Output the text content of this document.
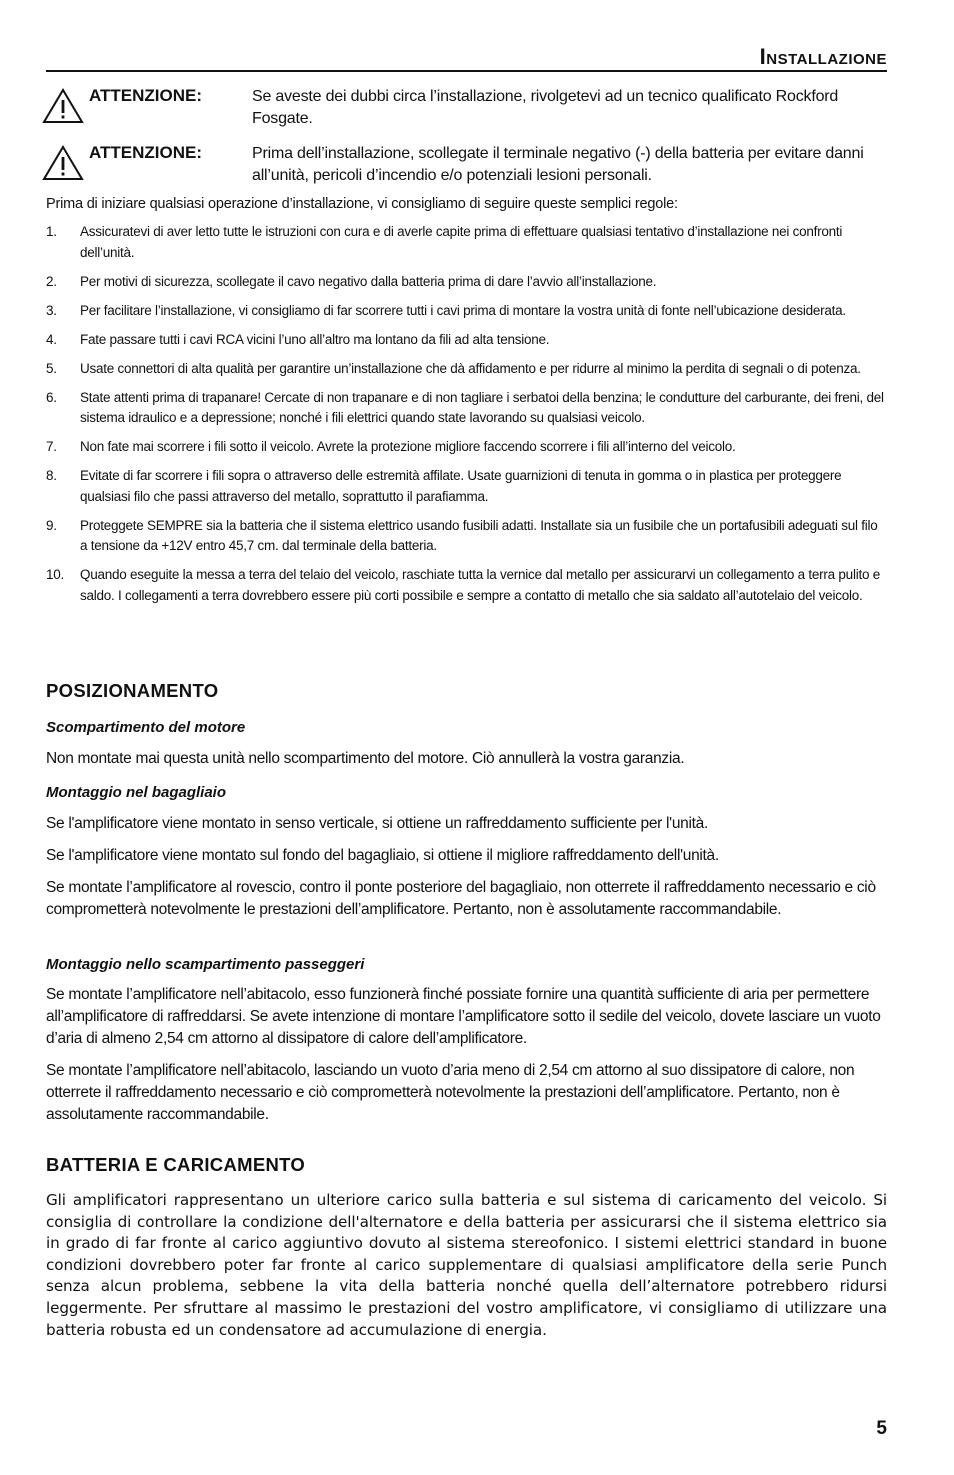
Installazione
ATTENZIONE:	Se aveste dei dubbi circa l’installazione, rivolgetevi ad un tecnico qualificato Rockford Fosgate.
ATTENZIONE:	Prima dell’installazione, scollegate il terminale negativo (-) della batteria per evitare danni all’unità, pericoli d’incendio e/o potenziali lesioni personali.
Prima di iniziare qualsiasi operazione d’installazione, vi consigliamo di seguire queste semplici regole:
1. Assicuratevi di aver letto tutte le istruzioni con cura e di averle capite prima di effettuare qualsiasi tentativo d’installazione nei confronti dell’unità.
2. Per motivi di sicurezza, scollegate il cavo negativo dalla batteria prima di dare l’avvio all’installazione.
3. Per facilitare l’installazione, vi consigliamo di far scorrere tutti i cavi prima di montare la vostra unità di fonte nell’ubicazione desiderata.
4. Fate passare tutti i cavi RCA vicini l’uno all’altro ma lontano da fili ad alta tensione.
5. Usate connettori di alta qualità per garantire un’installazione che dà affidamento e per ridurre al minimo la perdita di segnali o di potenza.
6. State attenti prima di trapanare! Cercate di non trapanare e di non tagliare i serbatoi della benzina; le condutture del carburante, dei freni, del sistema idraulico e a depressione; nonché i fili elettrici quando state lavorando su qualsiasi veicolo.
7. Non fate mai scorrere i fili sotto il veicolo. Avrete la protezione migliore faccendo scorrere i fili all’interno del veicolo.
8. Evitate di far scorrere i fili sopra o attraverso delle estremità affilate. Usate guarnizioni di tenuta in gomma o in plastica per proteggere qualsiasi filo che passi attraverso del metallo, soprattutto il parafiamma.
9. Proteggete SEMPRE sia la batteria che il sistema elettrico usando fusibili adatti. Installate sia un fusibile che un portafusibili adeguati sul filo a tensione da +12V entro 45,7 cm. dal terminale della batteria.
10. Quando eseguite la messa a terra del telaio del veicolo, raschiate tutta la vernice dal metallo per assicurarvi un collegamento a terra pulito e saldo. I collegamenti a terra dovrebbero essere più corti possibile e sempre a contatto di metallo che sia saldato all’autotelaio del veicolo.
POSIZIONAMENTO
Scompartimento del motore
Non montate mai questa unità nello scompartimento del motore. Ciò annullerà la vostra garanzia.
Montaggio nel bagagliaio
Se l'amplificatore viene montato in senso verticale, si ottiene un raffreddamento sufficiente per l'unità.
Se l'amplificatore viene montato sul fondo del bagagliaio, si ottiene il migliore raffreddamento dell'unità.
Se montate l’amplificatore al rovescio, contro il ponte posteriore del bagagliaio, non otterrete il raffreddamento necessario e ciò comprometterà notevolmente le prestazioni dell’amplificatore. Pertanto, non è assolutamente raccommandabile.
Montaggio nello scampartimento passeggeri
Se montate l’amplificatore nell’abitacolo, esso funzionerà finché possiate fornire una quantità sufficiente di aria per permettere all’amplificatore di raffreddarsi. Se avete intenzione di montare l’amplificatore sotto il sedile del veicolo, dovete lasciare un vuoto d’aria di almeno 2,54 cm attorno al dissipatore di calore dell’amplificatore.
Se montate l’amplificatore nell’abitacolo, lasciando un vuoto d’aria meno di 2,54 cm attorno al suo dissipatore di calore, non otterrete il raffreddamento necessario e ciò comprometterà notevolmente la prestazioni dell’amplificatore. Pertanto, non è assolutamente raccommandabile.
BATTERIA E CARICAMENTO
Gli amplificatori rappresentano un ulteriore carico sulla batteria e sul sistema di caricamento del veicolo. Si consiglia di controllare la condizione dell'alternatore e della batteria per assicurarsi che il sistema elettrico sia in grado di far fronte al carico aggiuntivo dovuto al sistema stereofonico. I sistemi elettrici standard in buone condizioni dovrebbero poter far fronte al carico supplementare di qualsiasi amplificatore della serie Punch senza alcun problema, sebbene la vita della batteria nonché quella dell’alternatore potrebbero ridursi leggermente. Per sfruttare al massimo le prestazioni del vostro amplificatore, vi consigliamo di utilizzare una batteria robusta ed un condensatore ad accumulazione di energia.
5
